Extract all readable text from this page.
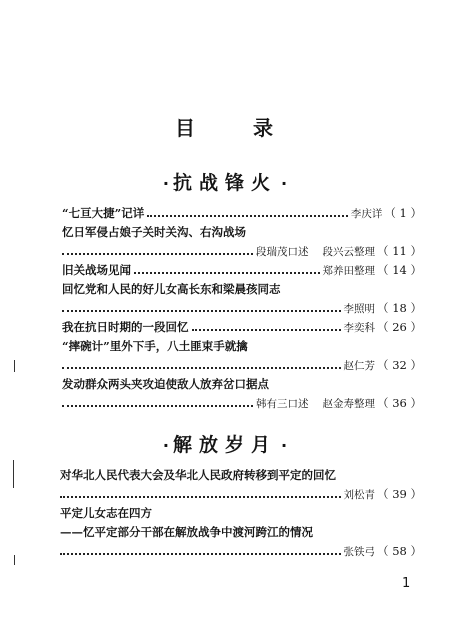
目	录
· 抗战锋火 ·
“七亘大捷”记详	李庆详 （ 1 ）
忆日军侵占娘子关时关沟、右沟战场
段瑞茂口述 段兴云整理 （ 11 ）
旧关战场见闻	郑养田整理 （ 14 ）
回忆党和人民的好儿女高长东和梁晨孩同志
李照明 （ 18 ）
我在抗日时期的一段回忆	李奕科 （ 26 ）
“摔碗计”里外下手，八土匪束手就擒
赵仁芳 （ 32 ）
发动群众两头夹攻迫使敌人放弃岔口据点
韩有三口述 赵金寿整理 （ 36 ）
· 解放岁月 ·
对华北人民代表大会及华北人民政府转移到平定的回忆
刘松青 （ 39 ）
平定儿女志在四方
——忆平定部分干部在解放战争中渡河跨江的情况
张铁弓 （ 58 ）
1
